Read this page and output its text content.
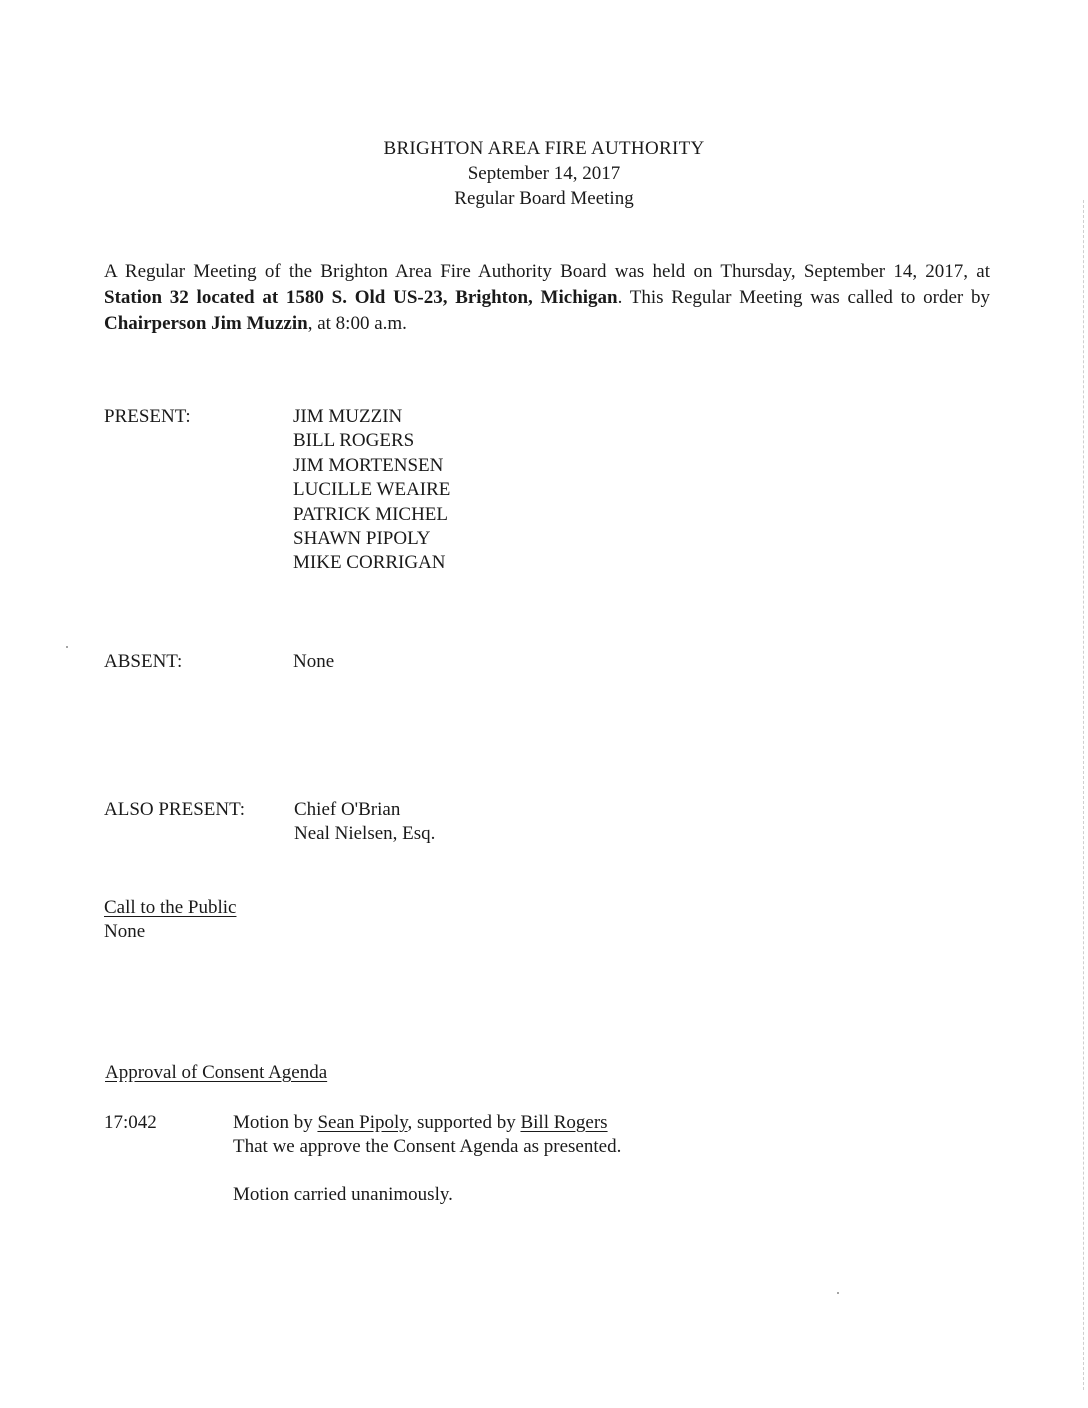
BRIGHTON AREA FIRE AUTHORITY
September 14, 2017
Regular Board Meeting
A Regular Meeting of the Brighton Area Fire Authority Board was held on Thursday, September 14, 2017, at Station 32 located at 1580 S. Old US-23, Brighton, Michigan. This Regular Meeting was called to order by Chairperson Jim Muzzin, at 8:00 a.m.
PRESENT:	JIM MUZZIN
BILL ROGERS
JIM MORTENSEN
LUCILLE WEAIRE
PATRICK MICHEL
SHAWN PIPOLY
MIKE CORRIGAN
ABSENT:	None
ALSO PRESENT:	Chief O'Brian
Neal Nielsen, Esq.
Call to the Public
None
Approval of Consent Agenda
17:042	Motion by Sean Pipoly, supported by Bill Rogers
That we approve the Consent Agenda as presented.
Motion carried unanimously.
